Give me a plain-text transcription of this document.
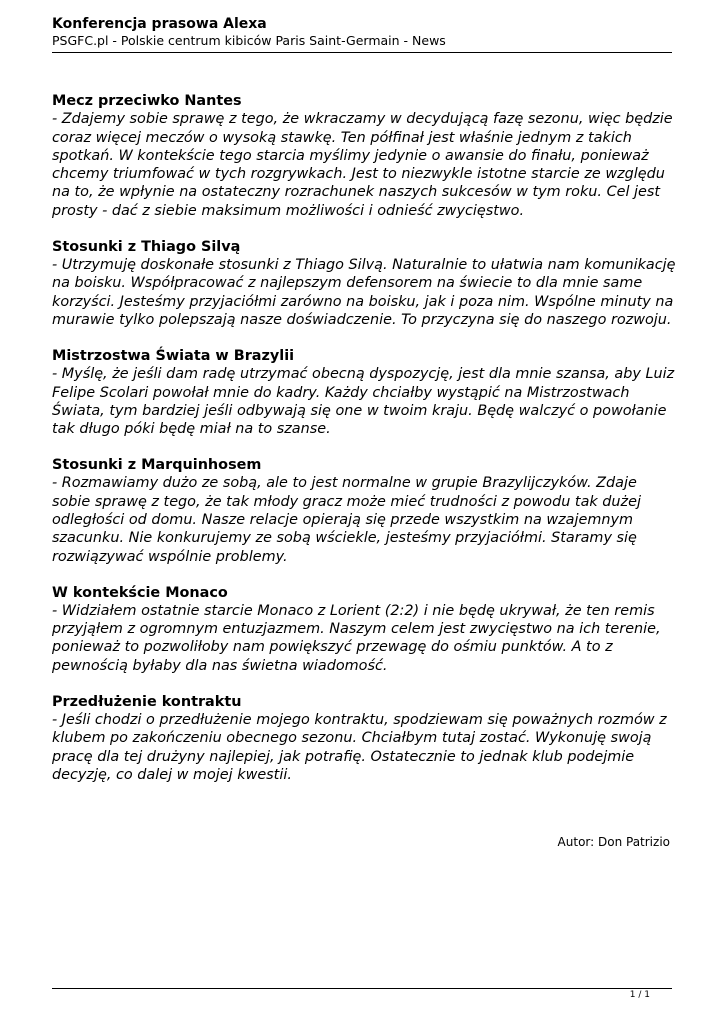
Konferencja prasowa Alexa
PSGFC.pl - Polskie centrum kibiców Paris Saint-Germain - News
Mecz przeciwko Nantes
- Zdajemy sobie sprawę z tego, że wkraczamy w decydującą fazę sezonu, więc będzie coraz więcej meczów o wysoką stawkę. Ten półfinał jest właśnie jednym z takich spotkań. W kontekście tego starcia myślimy jedynie o awansie do finału, ponieważ chcemy triumfować w tych rozgrywkach. Jest to niezwykle istotne starcie ze względu na to, że wpłynie na ostateczny rozrachunek naszych sukcesów w tym roku. Cel jest prosty - dać z siebie maksimum możliwości i odnieść zwycięstwo.
Stosunki z Thiago Silvą
- Utrzymuję doskonałe stosunki z Thiago Silvą. Naturalnie to ułatwia nam komunikację na boisku. Współpracować z najlepszym defensorem na świecie to dla mnie same korzyści. Jesteśmy przyjaciółmi zarówno na boisku, jak i poza nim. Wspólne minuty na murawie tylko polepszają nasze doświadczenie. To przyczyna się do naszego rozwoju.
Mistrzostwa Świata w Brazylii
- Myślę, że jeśli dam radę utrzymać obecną dyspozycję, jest dla mnie szansa, aby Luiz Felipe Scolari powołał mnie do kadry. Każdy chciałby wystąpić na Mistrzostwach Świata, tym bardziej jeśli odbywają się one w twoim kraju. Będę walczyć o powołanie tak długo póki będę miał na to szanse.
Stosunki z Marquinhosem
- Rozmawiamy dużo ze sobą, ale to jest normalne w grupie Brazylijczyków. Zdaje sobie sprawę z tego, że tak młody gracz może mieć trudności z powodu tak dużej odległości od domu. Nasze relacje opierają się przede wszystkim na wzajemnym szacunku. Nie konkurujemy ze sobą wściekle, jesteśmy przyjaciółmi. Staramy się rozwiązywać wspólnie problemy.
W kontekście Monaco
- Widziałem ostatnie starcie Monaco z Lorient (2:2) i nie będę ukrywał, że ten remis przyjąłem z ogromnym entuzjazmem. Naszym celem jest zwycięstwo na ich terenie, ponieważ to pozwoliłoby nam powiększyć przewagę do ośmiu punktów. A to z pewnością byłaby dla nas świetna wiadomość.
Przedłużenie kontraktu
- Jeśli chodzi o przedłużenie mojego kontraktu, spodziewam się poważnych rozmów z klubem po zakończeniu obecnego sezonu. Chciałbym tutaj zostać. Wykonuję swoją pracę dla tej drużyny najlepiej, jak potrafię. Ostatecznie to jednak klub podejmie decyzję, co dalej w mojej kwestii.
Autor: Don Patrizio
1 / 1
